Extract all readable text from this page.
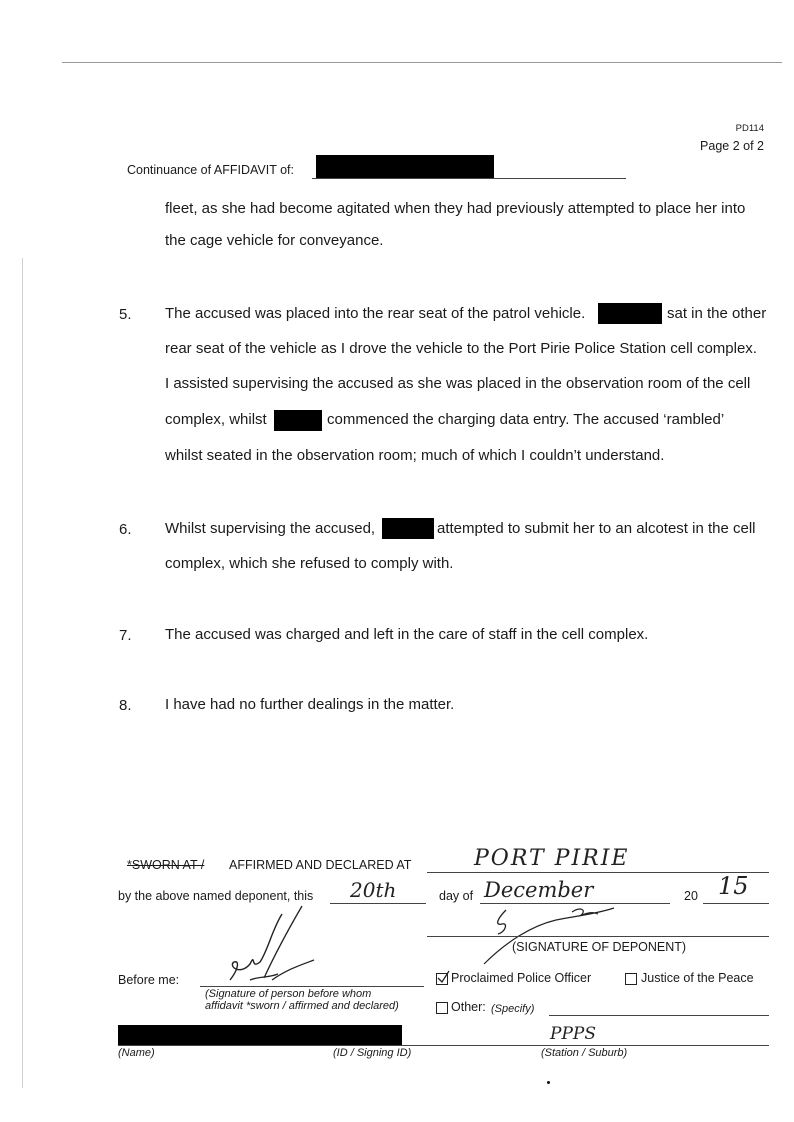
PD114
Page 2 of 2
Continuance of AFFIDAVIT of:
fleet, as she had become agitated when they had previously attempted to place her into
the cage vehicle for conveyance.
5. The accused was placed into the rear seat of the patrol vehicle.	sat in the other
rear seat of the vehicle as I drove the vehicle to the Port Pirie Police Station cell complex.
I assisted supervising the accused as she was placed in the observation room of the cell
complex, whilst	commenced the charging data entry. The accused ‘rambled’
whilst seated in the observation room; much of which I couldn’t understand.
6. Whilst supervising the accused,	attempted to submit her to an alcotest in the cell
complex, which she refused to comply with.
7. The accused was charged and left in the care of staff in the cell complex.
8. I have had no further dealings in the matter.
*SWORN AT / AFFIRMED AND DECLARED AT	PORT PIRIE
by the above named deponent, this 20th	day of December	20 15
(SIGNATURE OF DEPONENT)
Before me:
(Signature of person before whom
affidavit *sworn / affirmed and declared)
Proclaimed Police Officer	Justice of the Peace
Other: (Specify)
PPPS
(Name)	(ID / Signing ID)	(Station / Suburb)
